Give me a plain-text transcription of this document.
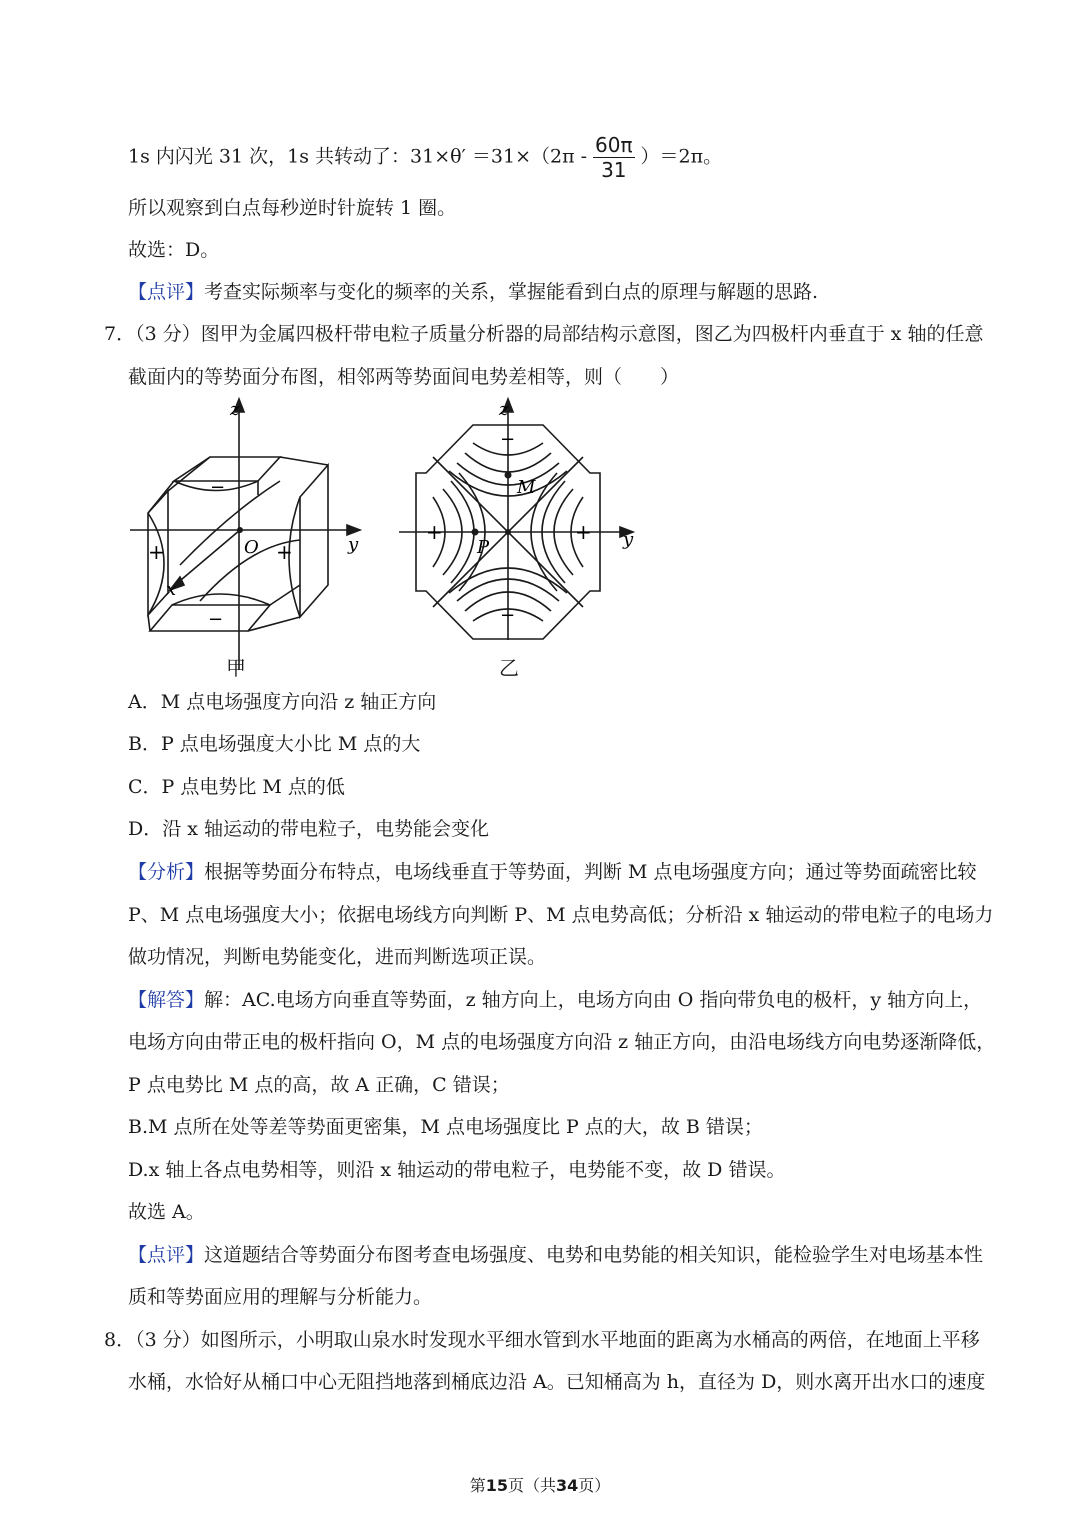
1s 内闪光 31 次，1s 共转动了：$31\times\theta' =31\times(2\pi - \frac{60\pi}{31} )=2\pi$。
所以观察到白点每秒逆时针旋转 1 圈。
故选：D。
【点评】考查实际频率与变化的频率的关系，掌握能看到白点的原理与解题的思路.
7．（3 分）图甲为金属四极杆带电粒子质量分析器的局部结构示意图，图乙为四极杆内垂直于 x 轴的任意
截面内的等势面分布图，相邻两等势面间电势差相等，则（　　）
z
y
x
O
−
−
+	+
甲
z
y
M
P
−
−
+	+
乙
A．M 点电场强度方向沿 z 轴正方向
B．P 点电场强度大小比 M 点的大
C．P 点电势比 M 点的低
D．沿 x 轴运动的带电粒子，电势能会变化
【分析】根据等势面分布特点，电场线垂直于等势面，判断 M 点电场强度方向；通过等势面疏密比较
P、M 点电场强度大小；依据电场线方向判断 P、M 点电势高低；分析沿 x 轴运动的带电粒子的电场力
做功情况，判断电势能变化，进而判断选项正误。
【解答】解：AC.电场方向垂直等势面，z 轴方向上，电场方向由 O 指向带负电的极杆，y 轴方向上，
电场方向由带正电的极杆指向 O，M 点的电场强度方向沿 z 轴正方向，由沿电场线方向电势逐渐降低，
P 点电势比 M 点的高，故 A 正确，C 错误；
B.M 点所在处等差等势面更密集，M 点电场强度比 P 点的大，故 B 错误；
D.x 轴上各点电势相等，则沿 x 轴运动的带电粒子，电势能不变，故 D 错误。
故选 A。
【点评】这道题结合等势面分布图考查电场强度、电势和电势能的相关知识，能检验学生对电场基本性
质和等势面应用的理解与分析能力。
8．（3 分）如图所示，小明取山泉水时发现水平细水管到水平地面的距离为水桶高的两倍，在地面上平移
水桶，水恰好从桶口中心无阻挡地落到桶底边沿 A。已知桶高为 h，直径为 D，则水离开出水口的速度
第15页（共34页）
